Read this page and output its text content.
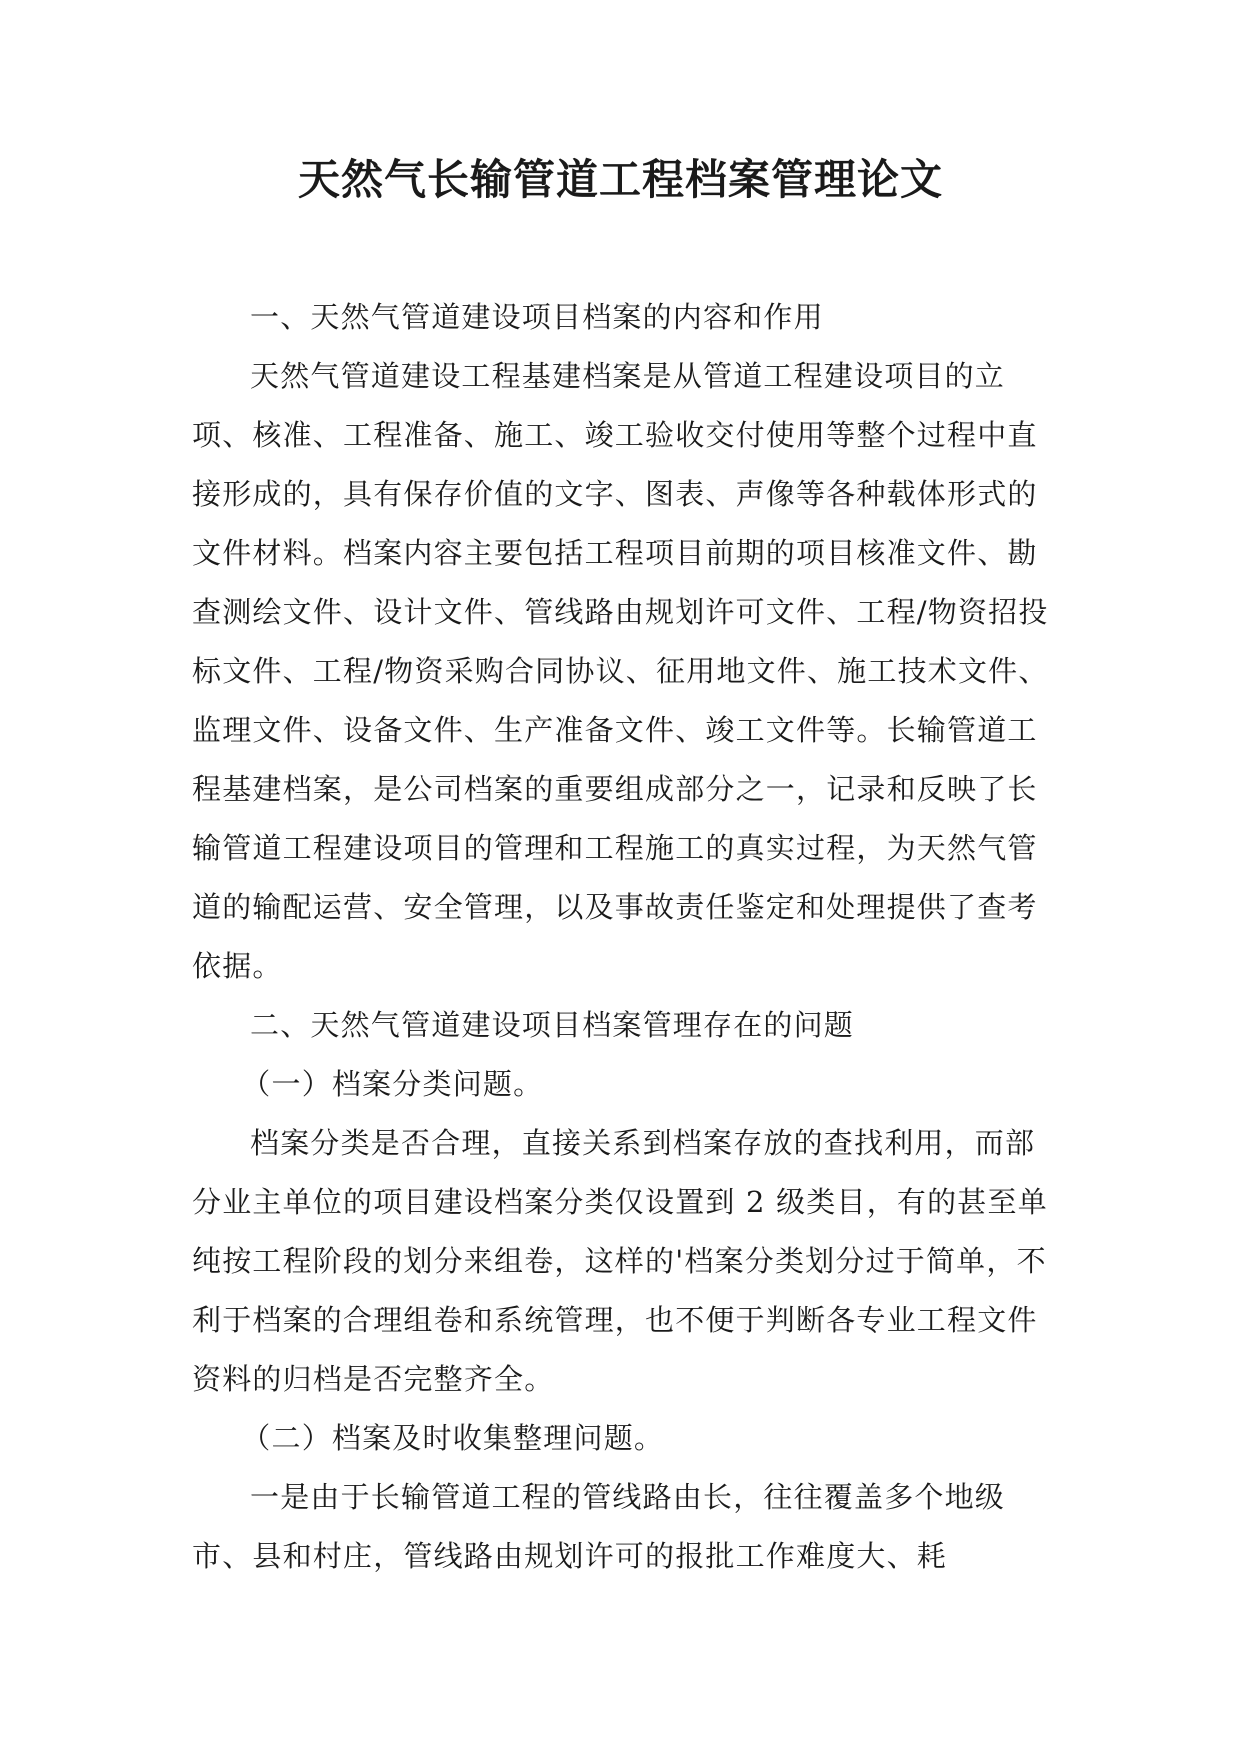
天然气长输管道工程档案管理论文

一、天然气管道建设项目档案的内容和作用

天然气管道建设工程基建档案是从管道工程建设项目的立项、核准、工程准备、施工、竣工验收交付使用等整个过程中直接形成的，具有保存价值的文字、图表、声像等各种载体形式的文件材料。档案内容主要包括工程项目前期的项目核准文件、勘查测绘文件、设计文件、管线路由规划许可文件、工程/物资招投标文件、工程/物资采购合同协议、征用地文件、施工技术文件、监理文件、设备文件、生产准备文件、竣工文件等。长输管道工程基建档案，是公司档案的重要组成部分之一，记录和反映了长输管道工程建设项目的管理和工程施工的真实过程，为天然气管道的输配运营、安全管理，以及事故责任鉴定和处理提供了查考依据。

二、天然气管道建设项目档案管理存在的问题

（一）档案分类问题。

档案分类是否合理，直接关系到档案存放的查找利用，而部分业主单位的项目建设档案分类仅设置到 2 级类目，有的甚至单纯按工程阶段的划分来组卷，这样的'档案分类划分过于简单，不利于档案的合理组卷和系统管理，也不便于判断各专业工程文件资料的归档是否完整齐全。

（二）档案及时收集整理问题。

一是由于长输管道工程的管线路由长，往往覆盖多个地级市、县和村庄，管线路由规划许可的报批工作难度大、耗
